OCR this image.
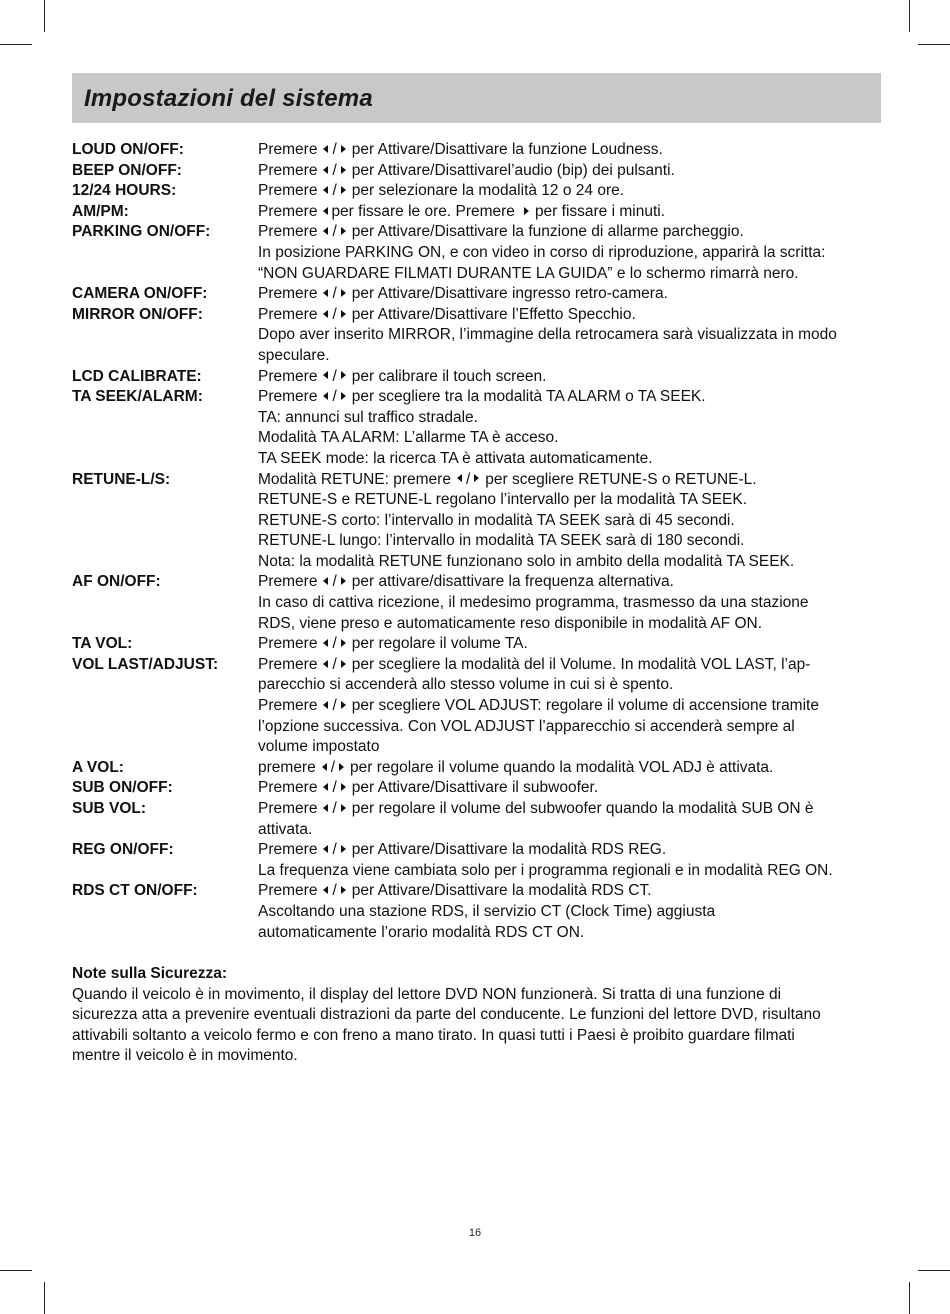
Impostazioni del sistema
LOUD ON/OFF:	Premere / per Attivare/Disattivare la funzione Loudness.
BEEP ON/OFF:	Premere / per Attivare/Disattivarel’audio (bip) dei pulsanti.
12/24 HOURS:	Premere / per selezionare la modalità 12 o 24 ore.
AM/PM:	Premere per fissare le ore. Premere per fissare i minuti.
PARKING ON/OFF:	Premere / per Attivare/Disattivare la funzione di allarme parcheggio.
In posizione PARKING ON, e con video in corso di riproduzione, apparirà la scritta:
“NON GUARDARE FILMATI DURANTE LA GUIDA” e lo schermo rimarrà nero.
CAMERA ON/OFF:	Premere / per Attivare/Disattivare ingresso retro-camera.
MIRROR ON/OFF:	Premere / per Attivare/Disattivare l’Effetto Specchio.
Dopo aver inserito MIRROR, l’immagine della retrocamera sarà visualizzata in modo
speculare.
LCD CALIBRATE:	Premere / per calibrare il touch screen.
TA SEEK/ALARM:	Premere / per scegliere tra la modalità TA ALARM o TA SEEK.
TA: annunci sul traffico stradale.
Modalità TA ALARM: L’allarme TA è acceso.
TA SEEK mode: la ricerca TA è attivata automaticamente.
RETUNE-L/S:	Modalità RETUNE: premere / per scegliere RETUNE-S o RETUNE-L.
RETUNE-S e RETUNE-L regolano l’intervallo per la modalità TA SEEK.
RETUNE-S corto: l’intervallo in modalità TA SEEK sarà di 45 secondi.
RETUNE-L lungo: l’intervallo in modalità TA SEEK sarà di 180 secondi.
Nota: la modalità RETUNE funzionano solo in ambito della modalità TA SEEK.
AF ON/OFF:	Premere / per attivare/disattivare la frequenza alternativa.
In caso di cattiva ricezione, il medesimo programma, trasmesso da una stazione
RDS, viene preso e automaticamente reso disponibile in modalità AF ON.
TA VOL:	Premere / per regolare il volume TA.
VOL LAST/ADJUST:	Premere / per scegliere la modalità del il Volume. In modalità VOL LAST, l’ap-
parecchio si accenderà allo stesso volume in cui si è spento.
Premere / per scegliere VOL ADJUST: regolare il volume di accensione tramite
l’opzione successiva. Con VOL ADJUST l’apparecchio si accenderà sempre al
volume impostato
A VOL:	premere / per regolare il volume quando la modalità VOL ADJ è attivata.
SUB ON/OFF:	Premere / per Attivare/Disattivare il subwoofer.
SUB VOL:	Premere / per regolare il volume del subwoofer quando la modalità SUB ON è
attivata.
REG ON/OFF:	Premere / per Attivare/Disattivare la modalità RDS REG.
La frequenza viene cambiata solo per i programma regionali e in modalità REG ON.
RDS CT ON/OFF:	Premere / per Attivare/Disattivare la modalità RDS CT.
Ascoltando una stazione RDS, il servizio CT (Clock Time) aggiusta
automaticamente l’orario modalità RDS CT ON.
Note sulla Sicurezza:
Quando il veicolo è in movimento, il display del lettore DVD NON funzionerà. Si tratta di una funzione di
sicurezza atta a prevenire eventuali distrazioni da parte del conducente. Le funzioni del lettore DVD, risultano
attivabili soltanto a veicolo fermo e con freno a mano tirato. In quasi tutti i Paesi è proibito guardare filmati
mentre il veicolo è in movimento.
16
